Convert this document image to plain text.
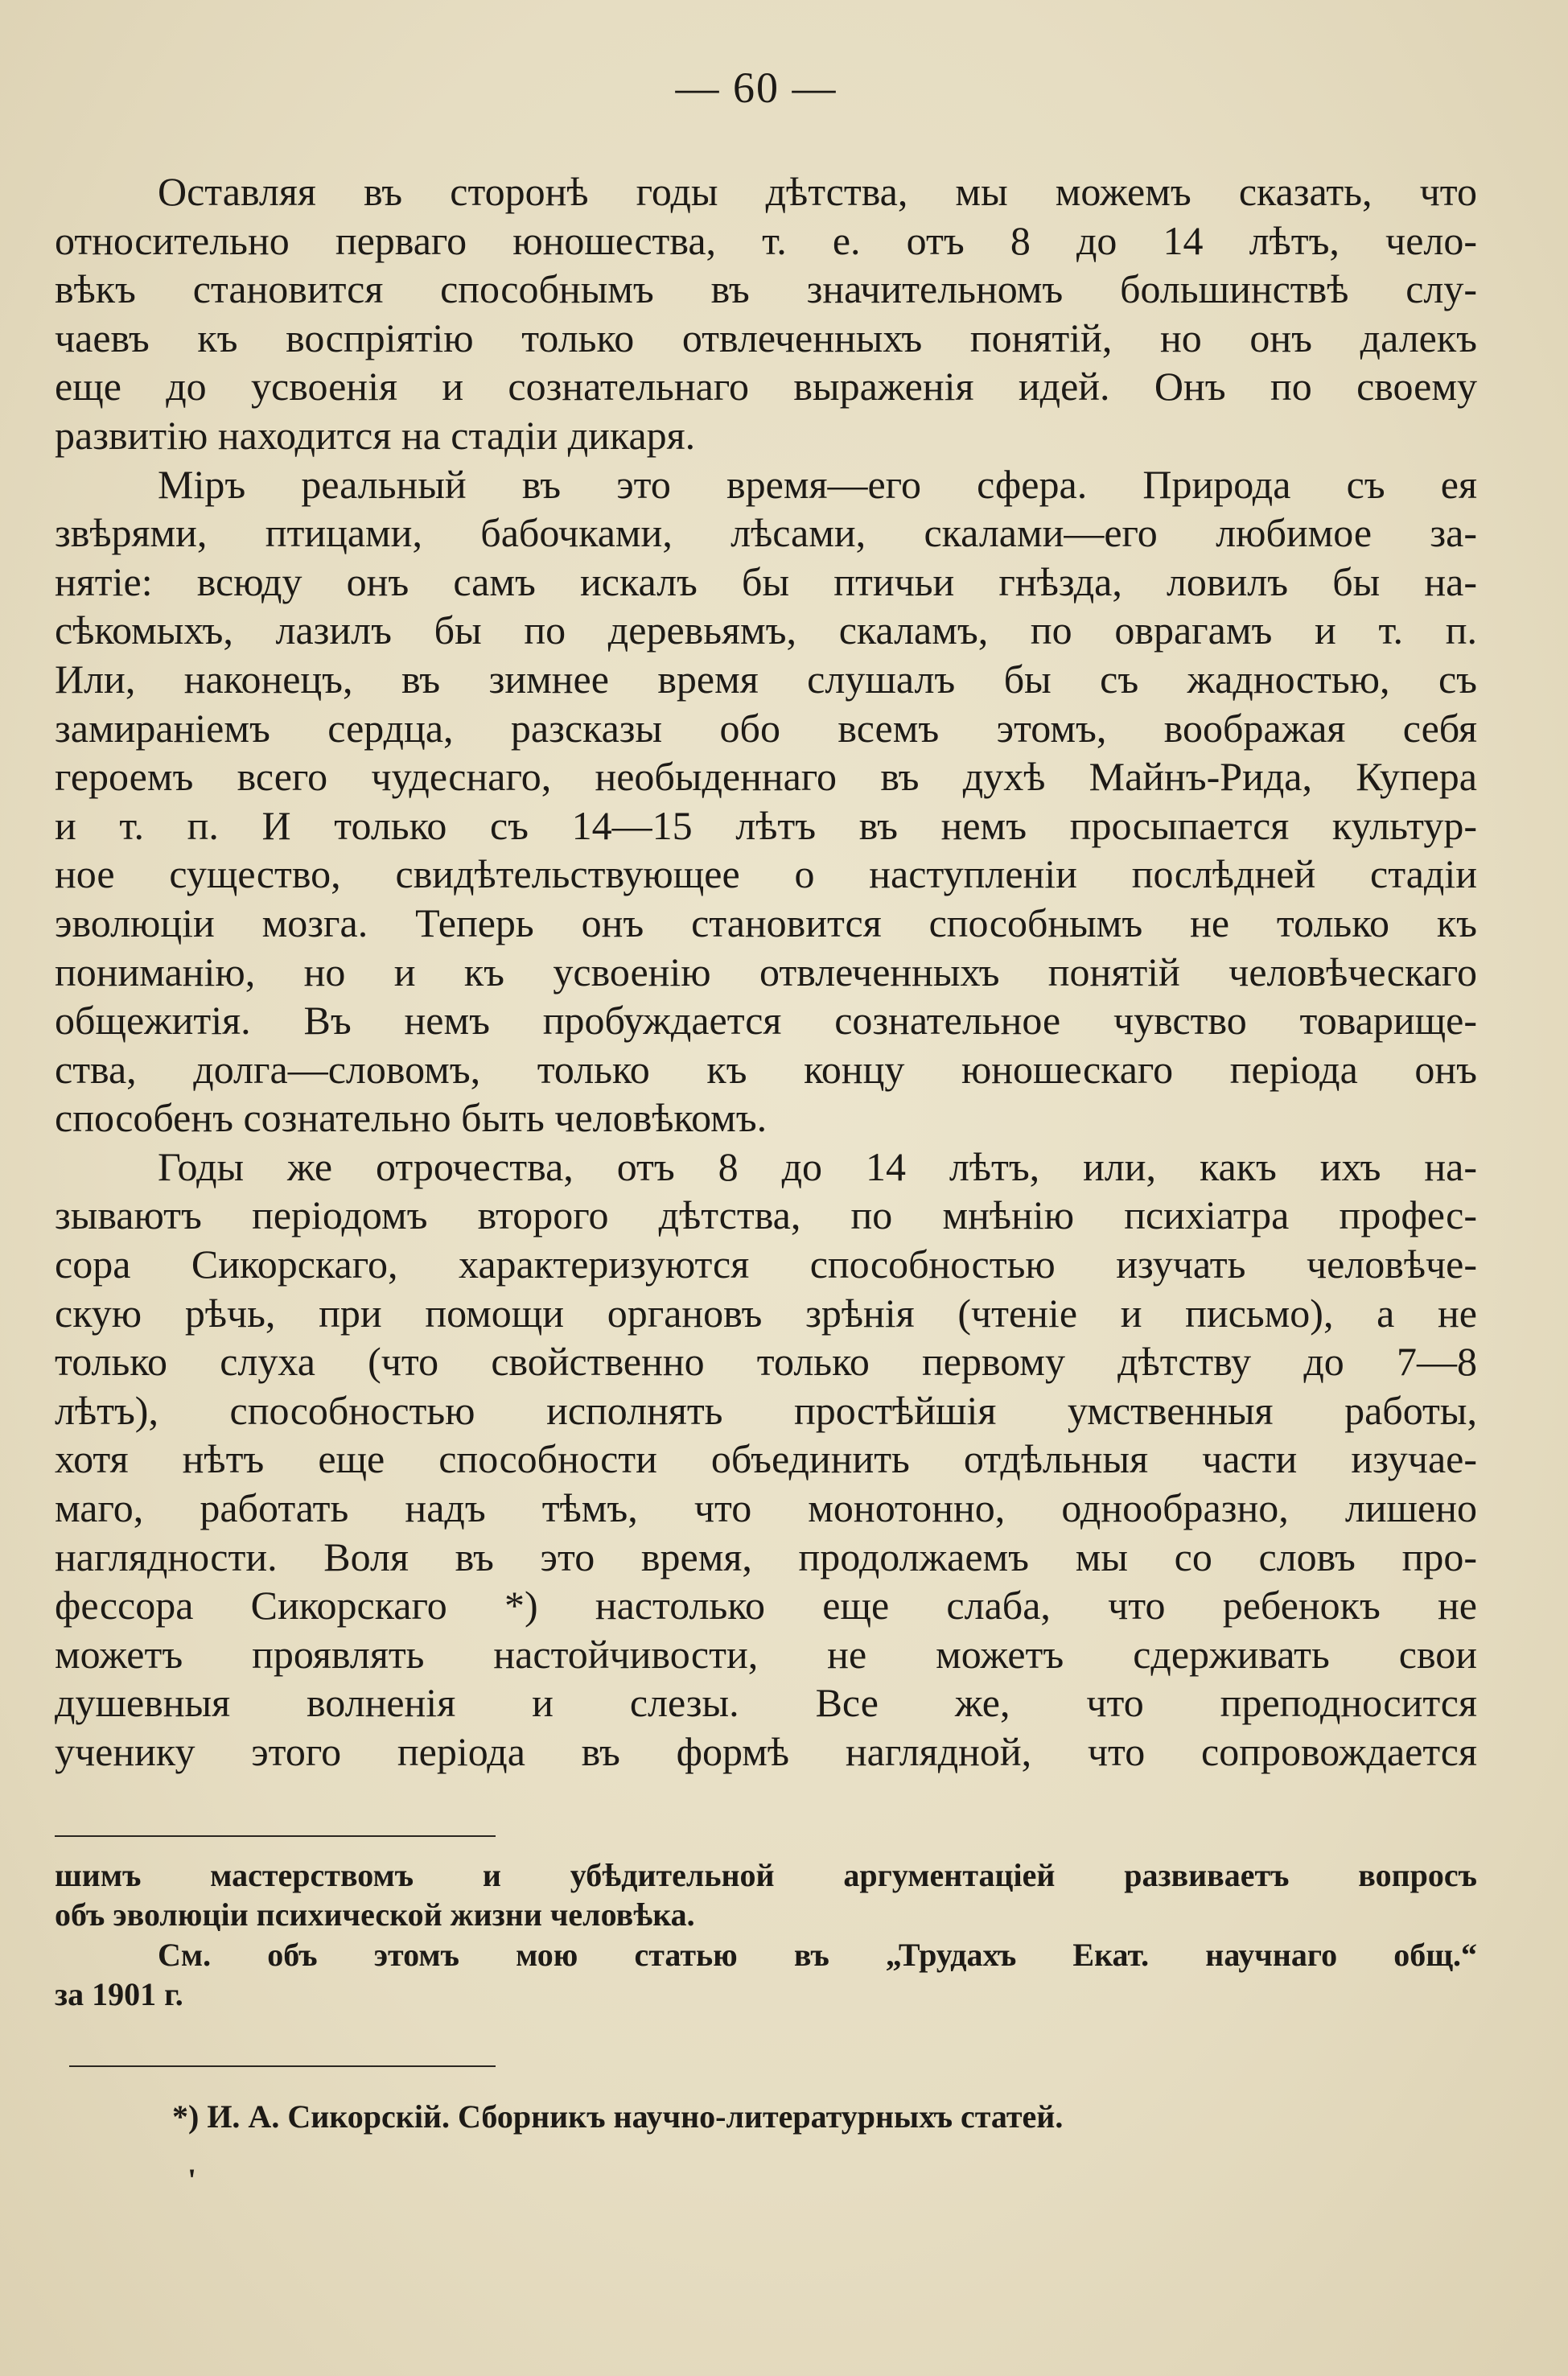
— 60 —
Оставляя въ сторонѣ годы дѣтства, мы можемъ сказать, что
относительно перваго юношества, т. е. отъ 8 до 14 лѣтъ, чело-
вѣкъ становится способнымъ въ значительномъ большинствѣ слу-
чаевъ къ воспріятію только отвлеченныхъ понятій, но онъ далекъ
еще до усвоенія и сознательнаго выраженія идей. Онъ по своему
развитію находится на стадіи дикаря.
Міръ реальный въ это время—его сфера. Природа съ ея
звѣрями, птицами, бабочками, лѣсами, скалами—его любимое за-
нятіе: всюду онъ самъ искалъ бы птичьи гнѣзда, ловилъ бы на-
сѣкомыхъ, лазилъ бы по деревьямъ, скаламъ, по оврагамъ и т. п.
Или, наконецъ, въ зимнее время слушалъ бы съ жадностью, съ
замираніемъ сердца, разсказы обо всемъ этомъ, воображая себя
героемъ всего чудеснаго, необыденнаго въ духѣ Майнъ-Рида, Купера
и т. п. И только съ 14—15 лѣтъ въ немъ просыпается культур-
ное существо, свидѣтельствующее о наступленіи послѣдней стадіи
эволюціи мозга. Теперь онъ становится способнымъ не только къ
пониманію, но и къ усвоенію отвлеченныхъ понятій человѣческаго
общежитія. Въ немъ пробуждается сознательное чувство товарище-
ства, долга—словомъ, только къ концу юношескаго періода онъ
способенъ сознательно быть человѣкомъ.
Годы же отрочества, отъ 8 до 14 лѣтъ, или, какъ ихъ на-
зываютъ періодомъ второго дѣтства, по мнѣнію психіатра профес-
сора Сикорскаго, характеризуются способностью изучать человѣче-
скую рѣчь, при помощи органовъ зрѣнія (чтеніе и письмо), а не
только слуха (что свойственно только первому дѣтству до 7—8
лѣтъ), способностью исполнять простѣйшія умственныя работы,
хотя нѣтъ еще способности объединить отдѣльныя части изучае-
маго, работать надъ тѣмъ, что монотонно, однообразно, лишено
наглядности. Воля въ это время, продолжаемъ мы со словъ про-
фессора Сикорскаго *) настолько еще слаба, что ребенокъ не
можетъ проявлять настойчивости, не можетъ сдерживать свои
душевныя волненія и слезы. Все же, что преподносится
ученику этого періода въ формѣ наглядной, что сопровождается
шимъ мастерствомъ и убѣдительной аргументаціей развиваетъ вопросъ
объ эволюціи психической жизни человѣка.
См. объ этомъ мою статью въ „Трудахъ Екат. научнаго общ.“
за 1901 г.
*) И. А. Сикорскій. Сборникъ научно-литературныхъ статей.
'
